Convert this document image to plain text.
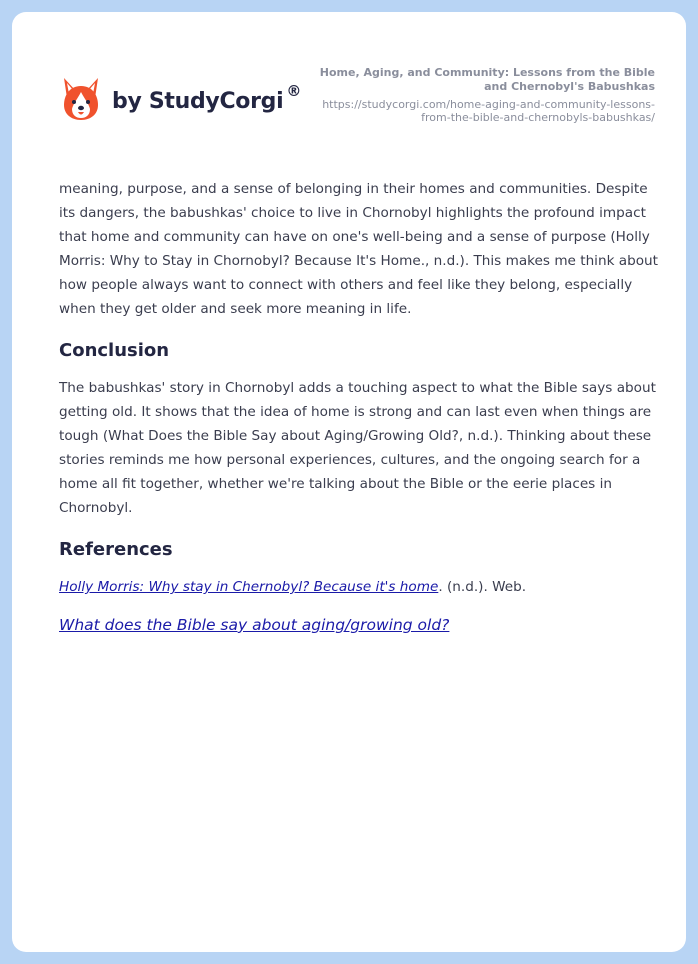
by StudyCorgi ®
Home, Aging, and Community: Lessons from the Bible and Chernobyl's Babushkas
https://studycorgi.com/home-aging-and-community-lessons-from-the-bible-and-chernobyls-babushkas/

meaning, purpose, and a sense of belonging in their homes and communities. Despite its dangers, the babushkas' choice to live in Chornobyl highlights the profound impact that home and community can have on one's well-being and a sense of purpose (Holly Morris: Why to Stay in Chornobyl? Because It's Home., n.d.). This makes me think about how people always want to connect with others and feel like they belong, especially when they get older and seek more meaning in life.

Conclusion

The babushkas' story in Chornobyl adds a touching aspect to what the Bible says about getting old. It shows that the idea of home is strong and can last even when things are tough (What Does the Bible Say about Aging/Growing Old?, n.d.). Thinking about these stories reminds me how personal experiences, cultures, and the ongoing search for a home all fit together, whether we're talking about the Bible or the eerie places in Chornobyl.

References

Holly Morris: Why stay in Chernobyl? Because it's home. (n.d.). Web.

What does the Bible say about aging/growing old?
